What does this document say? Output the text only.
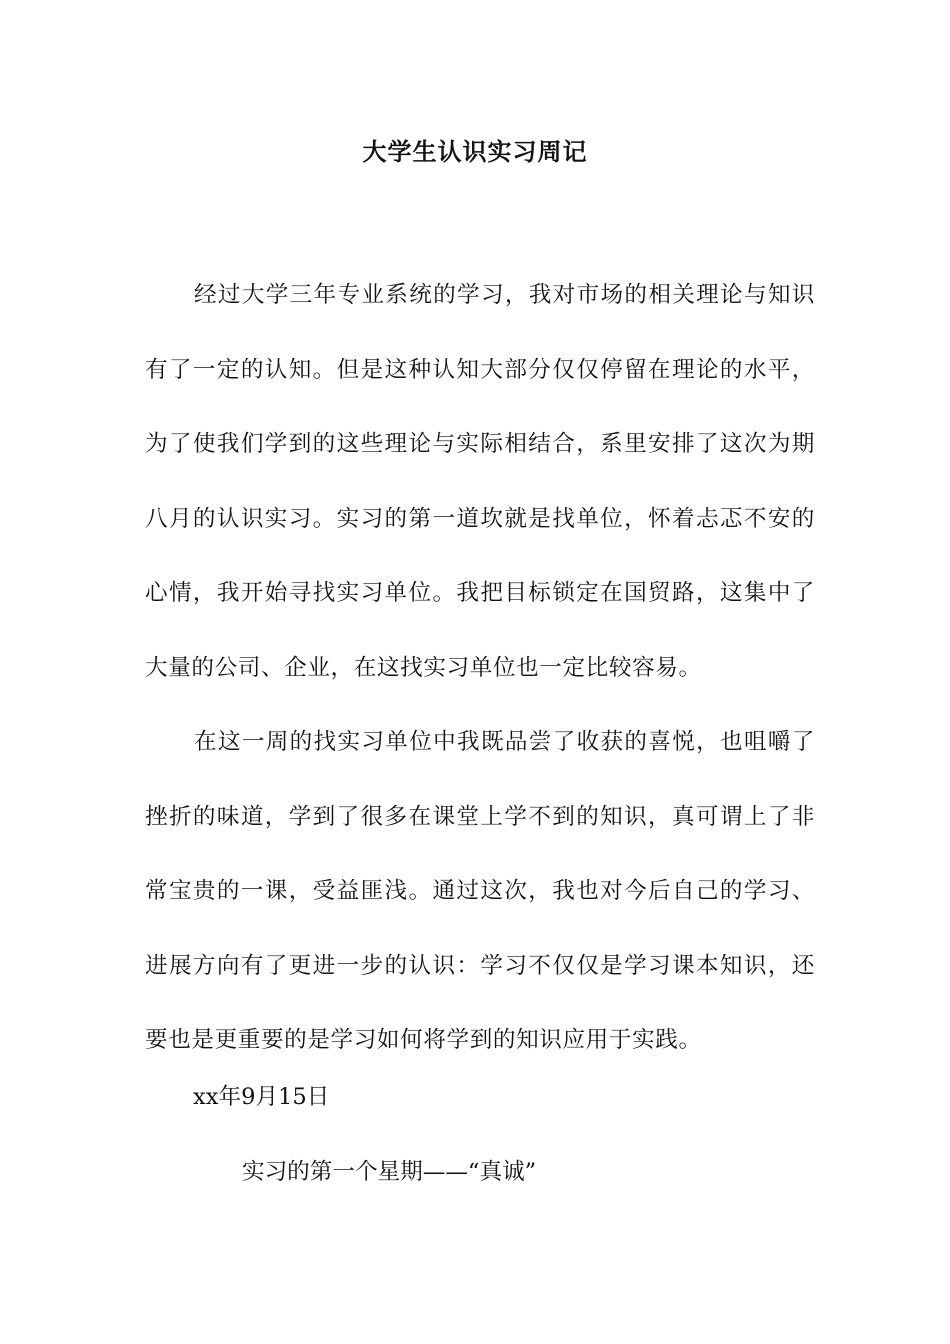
大学生认识实习周记

经过大学三年专业系统的学习，我对市场的相关理论与知识有了一定的认知。但是这种认知大部分仅仅停留在理论的水平，为了使我们学到的这些理论与实际相结合，系里安排了这次为期八月的认识实习。实习的第一道坎就是找单位，怀着忐忑不安的心情，我开始寻找实习单位。我把目标锁定在国贸路，这集中了大量的公司、企业，在这找实习单位也一定比较容易。

在这一周的找实习单位中我既品尝了收获的喜悦，也咀嚼了挫折的味道，学到了很多在课堂上学不到的知识，真可谓上了非常宝贵的一课，受益匪浅。通过这次，我也对今后自己的学习、进展方向有了更进一步的认识：学习不仅仅是学习课本知识，还要也是更重要的是学习如何将学到的知识应用于实践。

xx年9月15日

实习的第一个星期——“真诚”
